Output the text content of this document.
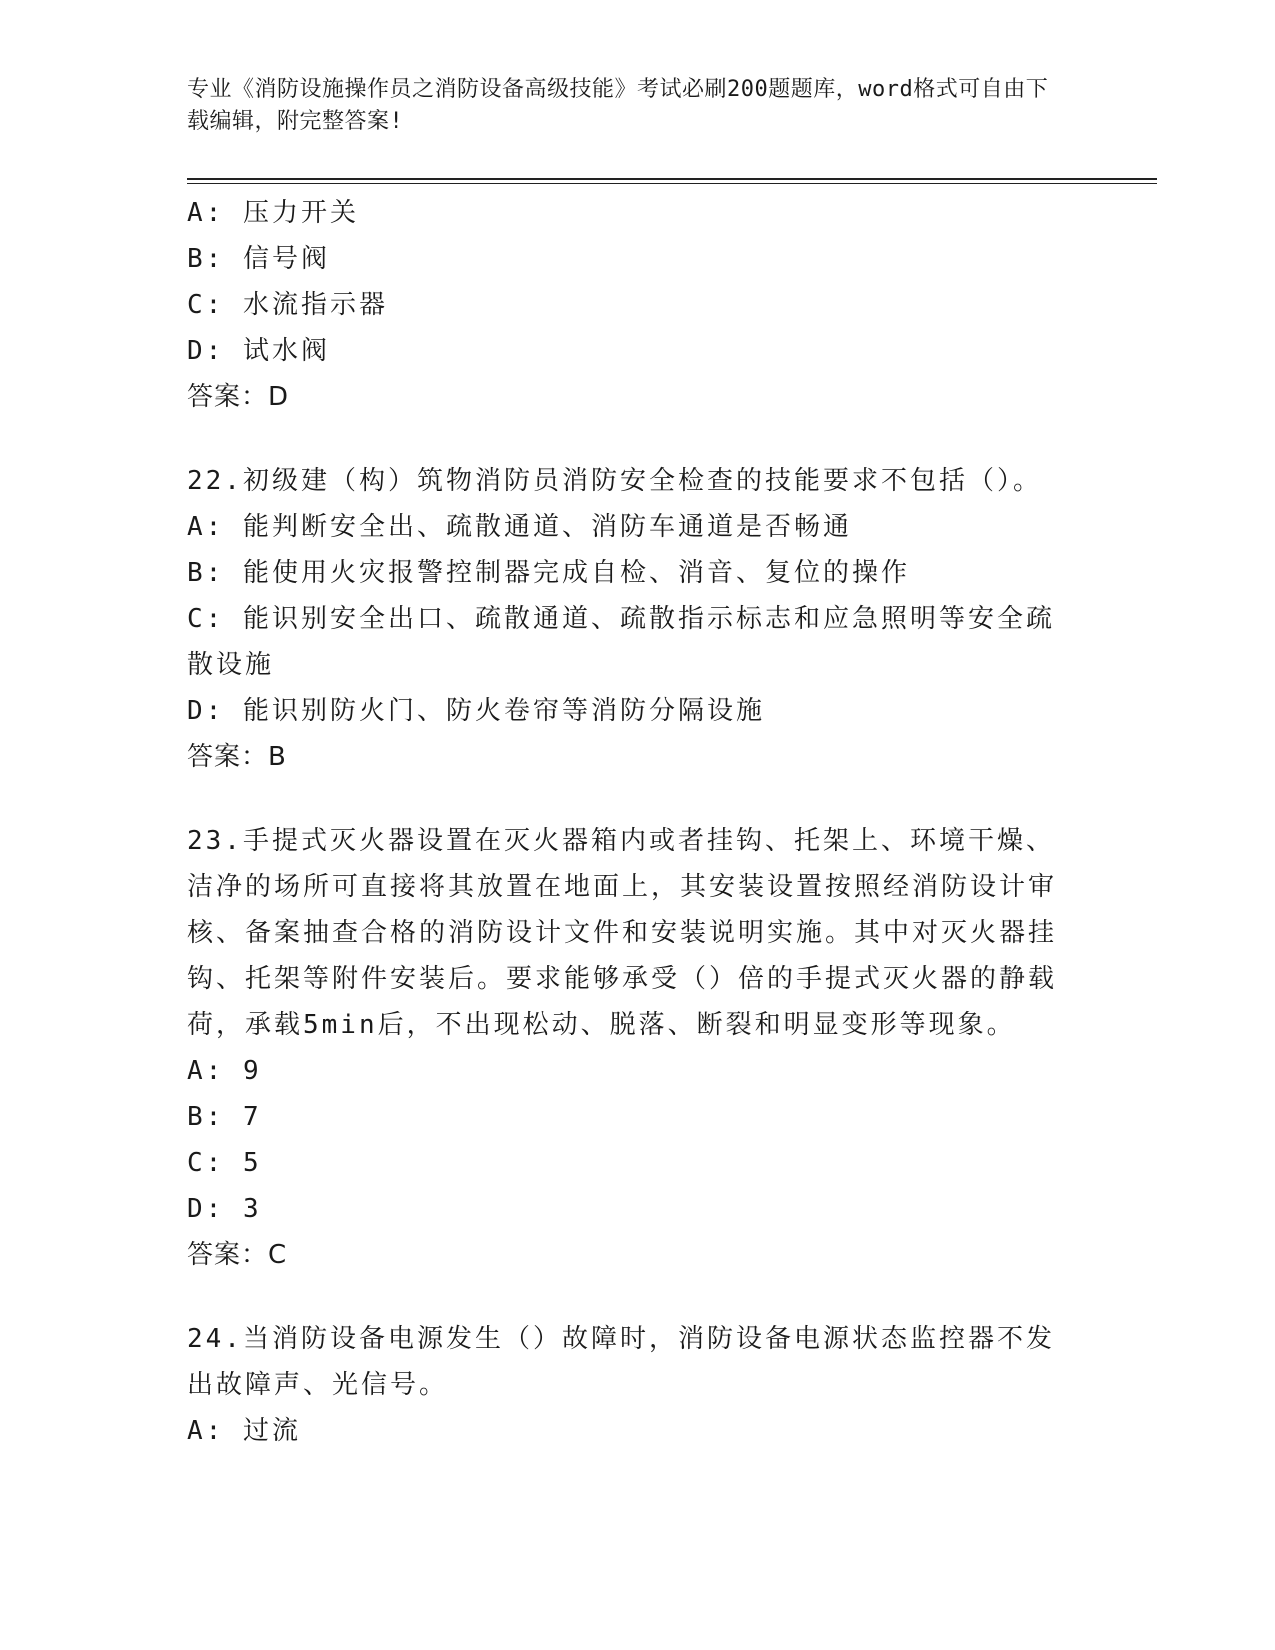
专业《消防设施操作员之消防设备高级技能》考试必刷200题题库，word格式可自由下载编辑，附完整答案!
A: 压力开关
B: 信号阀
C: 水流指示器
D: 试水阀
答案：D
22.初级建（构）筑物消防员消防安全检查的技能要求不包括（）。
A: 能判断安全出、疏散通道、消防车通道是否畅通
B: 能使用火灾报警控制器完成自检、消音、复位的操作
C: 能识别安全出口、疏散通道、疏散指示标志和应急照明等安全疏散设施
D: 能识别防火门、防火卷帘等消防分隔设施
答案：B
23.手提式灭火器设置在灭火器箱内或者挂钩、托架上、环境干燥、洁净的场所可直接将其放置在地面上，其安装设置按照经消防设计审核、备案抽查合格的消防设计文件和安装说明实施。其中对灭火器挂钩、托架等附件安装后。要求能够承受（）倍的手提式灭火器的静载荷，承载5min后，不出现松动、脱落、断裂和明显变形等现象。
A: 9
B: 7
C: 5
D: 3
答案：C
24.当消防设备电源发生（）故障时，消防设备电源状态监控器不发出故障声、光信号。
A: 过流
